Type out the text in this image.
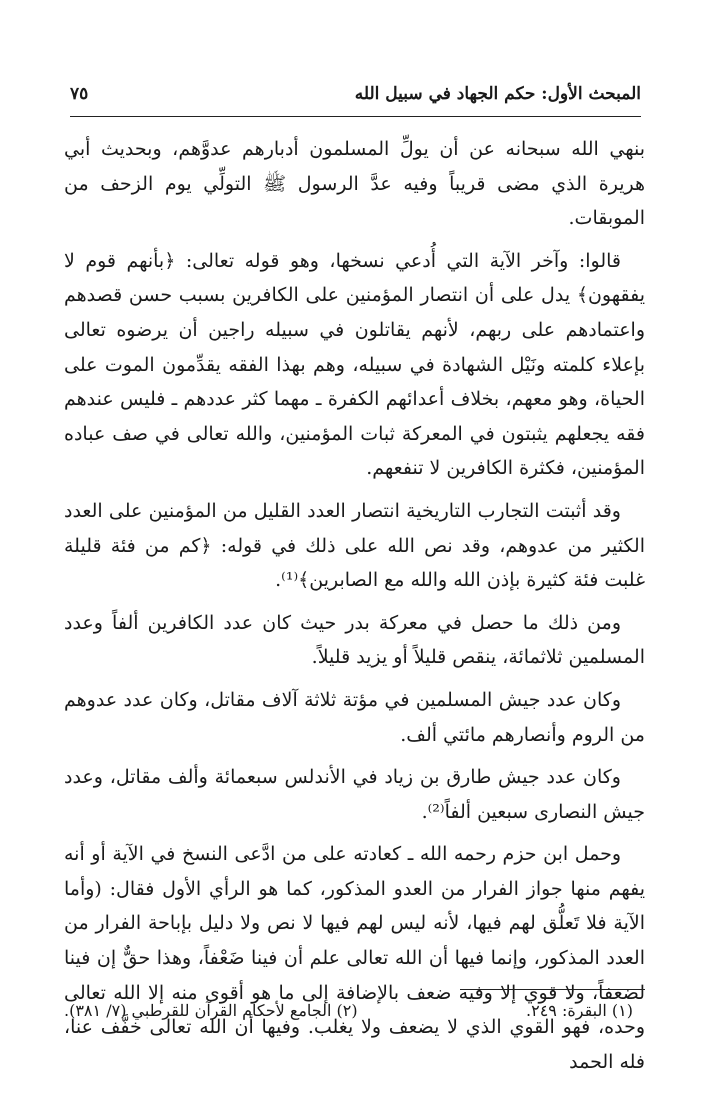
المبحث الأول: حكم الجهاد في سبيل الله
٧٥

بنهي الله سبحانه عن أن يولِّ المسلمون أدبارهم عدوَّهم، وبحديث أبي هريرة الذي مضى قريباً وفيه عدَّ الرسول ﷺ التولِّي يوم الزحف من الموبقات.

قالوا: وآخر الآية التي أُدعي نسخها، وهو قوله تعالى: ﴿بأنهم قوم لا يفقهون﴾ يدل على أن انتصار المؤمنين على الكافرين بسبب حسن قصدهم واعتمادهم على ربهم، لأنهم يقاتلون في سبيله راجين أن يرضوه تعالى بإعلاء كلمته ونَيْل الشهادة في سبيله، وهم بهذا الفقه يقدِّمون الموت على الحياة، وهو معهم، بخلاف أعدائهم الكفرة ـ مهما كثر عددهم ـ فليس عندهم فقه يجعلهم يثبتون في المعركة ثبات المؤمنين، والله تعالى في صف عباده المؤمنين، فكثرة الكافرين لا تنفعهم.

وقد أثبتت التجارب التاريخية انتصار العدد القليل من المؤمنين على العدد الكثير من عدوهم، وقد نص الله على ذلك في قوله: ﴿كم من فئة قليلة غلبت فئة كثيرة بإذن الله والله مع الصابرين﴾⁽¹⁾.

ومن ذلك ما حصل في معركة بدر حيث كان عدد الكافرين ألفاً وعدد المسلمين ثلاثمائة، ينقص قليلاً أو يزيد قليلاً.

وكان عدد جيش المسلمين في مؤتة ثلاثة آلاف مقاتل، وكان عدد عدوهم من الروم وأنصارهم مائتي ألف.

وكان عدد جيش طارق بن زياد في الأندلس سبعمائة وألف مقاتل، وعدد جيش النصارى سبعين ألفاً⁽²⁾.

وحمل ابن حزم رحمه الله ـ كعادته على من ادَّعى النسخ في الآية أو أنه يفهم منها جواز الفرار من العدو المذكور، كما هو الرأي الأول فقال: (وأما الآية فلا تَعلُّق لهم فيها، لأنه ليس لهم فيها لا نص ولا دليل بإباحة الفرار من العدد المذكور، وإنما فيها أن الله تعالى علم أن فينا ضَعْفاً، وهذا حقٌّ إن فينا لضعفاً، ولا قوي إلا وفيه ضعف بالإضافة إلى ما هو أقوى منه إلا الله تعالى وحده، فهو القوي الذي لا يضعف ولا يغلب. وفيها أن الله تعالى خفَّف عنا، فله الحمد

(١) البقرة: ٢٤٩.
(٢) الجامع لأحكام القرآن للقرطبي (٧/ ٣٨١).
